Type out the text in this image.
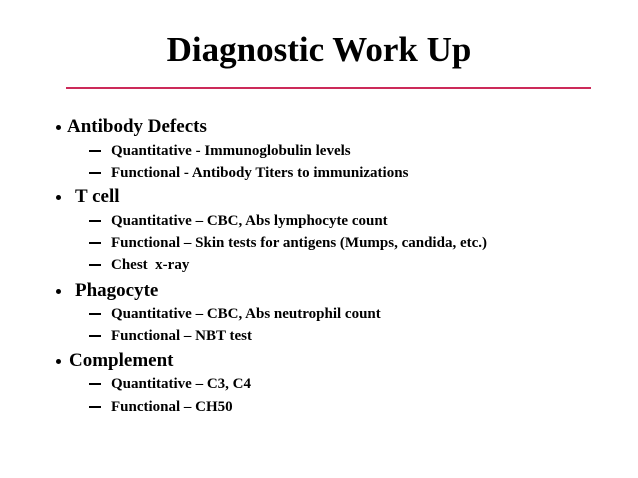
Diagnostic Work Up
Antibody Defects
Quantitative - Immunoglobulin levels
Functional - Antibody Titers to immunizations
T cell
Quantitative – CBC, Abs lymphocyte count
Functional – Skin tests for antigens (Mumps, candida, etc.)
Chest  x-ray
Phagocyte
Quantitative – CBC, Abs neutrophil count
Functional – NBT test
Complement
Quantitative – C3, C4
Functional – CH50
